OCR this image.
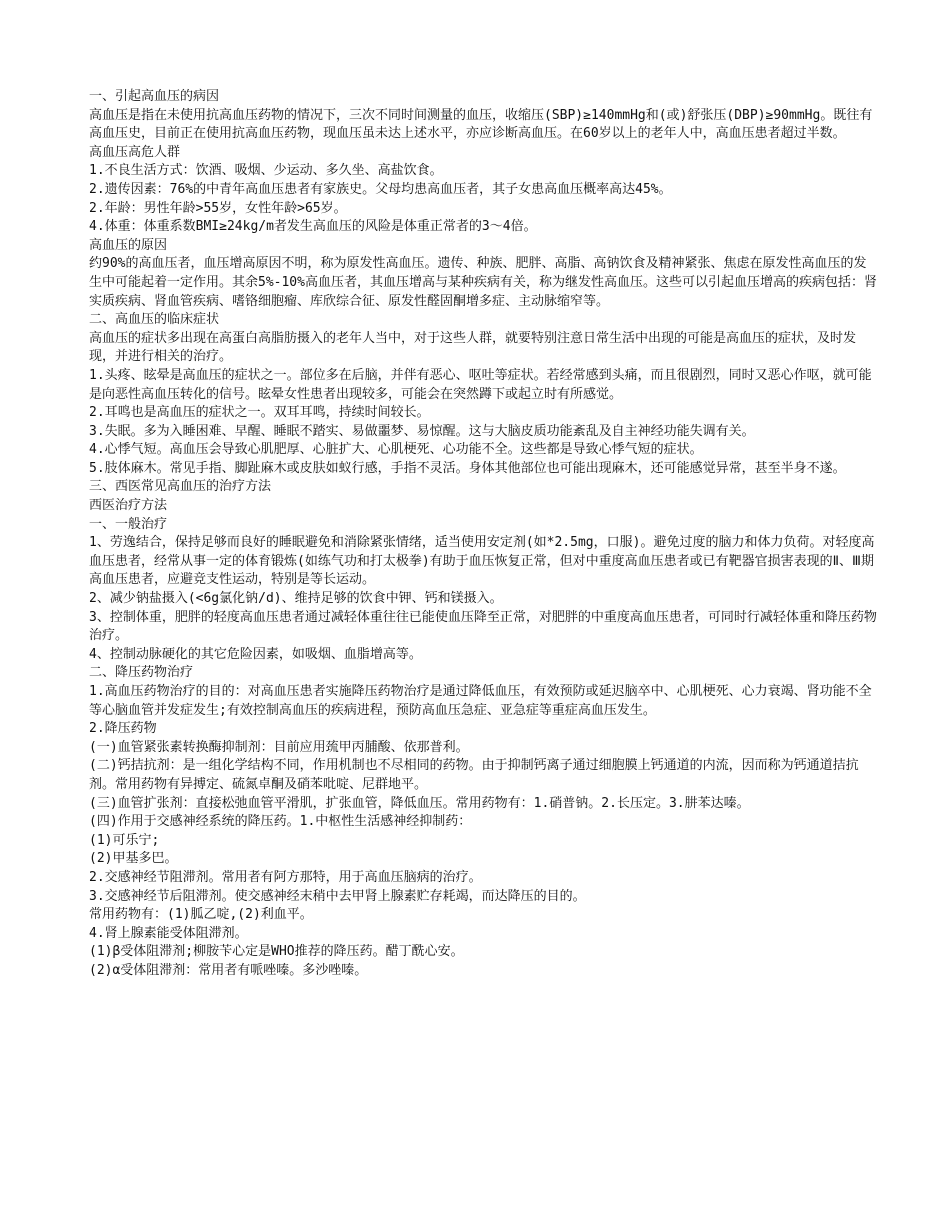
一、引起高血压的病因

高血压是指在未使用抗高血压药物的情况下，三次不同时间测量的血压，收缩压(SBP)≥140mmHg和(或)舒张压(DBP)≥90mmHg。既往有高血压史，目前正在使用抗高血压药物，现血压虽未达上述水平，亦应诊断高血压。在60岁以上的老年人中，高血压患者超过半数。

高血压高危人群

1.不良生活方式：饮酒、吸烟、少运动、多久坐、高盐饮食。

2.遗传因素：76%的中青年高血压患者有家族史。父母均患高血压者，其子女患高血压概率高达45%。

2.年龄：男性年龄>55岁，女性年龄>65岁。

4.体重：体重系数BMI≥24kg/m者发生高血压的风险是体重正常者的3～4倍。

高血压的原因

约90%的高血压者，血压增高原因不明，称为原发性高血压。遗传、种族、肥胖、高脂、高钠饮食及精神紧张、焦虑在原发性高血压的发生中可能起着一定作用。其余5%-10%高血压者，其血压增高与某种疾病有关，称为继发性高血压。这些可以引起血压增高的疾病包括：肾实质疾病、肾血管疾病、嗜铬细胞瘤、库欣综合征、原发性醛固酮增多症、主动脉缩窄等。

二、高血压的临床症状

高血压的症状多出现在高蛋白高脂肪摄入的老年人当中，对于这些人群，就要特别注意日常生活中出现的可能是高血压的症状，及时发现，并进行相关的治疗。

1.头疼、眩晕是高血压的症状之一。部位多在后脑，并伴有恶心、呕吐等症状。若经常感到头痛，而且很剧烈，同时又恶心作呕，就可能是向恶性高血压转化的信号。眩晕女性患者出现较多，可能会在突然蹲下或起立时有所感觉。

2.耳鸣也是高血压的症状之一。双耳耳鸣，持续时间较长。

3.失眠。多为入睡困难、早醒、睡眠不踏实、易做噩梦、易惊醒。这与大脑皮质功能紊乱及自主神经功能失调有关。

4.心悸气短。高血压会导致心肌肥厚、心脏扩大、心肌梗死、心功能不全。这些都是导致心悸气短的症状。

5.肢体麻木。常见手指、脚趾麻木或皮肤如蚁行感，手指不灵活。身体其他部位也可能出现麻木，还可能感觉异常，甚至半身不遂。

三、西医常见高血压的治疗方法

西医治疗方法

一、一般治疗

1、劳逸结合，保持足够而良好的睡眠避免和消除紧张情绪，适当使用安定剂(如*2.5mg，口服)。避免过度的脑力和体力负荷。对轻度高血压患者，经常从事一定的体育锻炼(如练气功和打太极拳)有助于血压恢复正常，但对中重度高血压患者或已有靶器官损害表现的Ⅱ、Ⅲ期高血压患者，应避竞支性运动，特别是等长运动。

2、减少钠盐摄入(<6g氯化钠/d)、维持足够的饮食中钾、钙和镁摄入。

3、控制体重，肥胖的轻度高血压患者通过减轻体重往往已能使血压降至正常，对肥胖的中重度高血压患者，可同时行减轻体重和降压药物治疗。

4、控制动脉硬化的其它危险因素，如吸烟、血脂增高等。

二、降压药物治疗

1.高血压药物治疗的目的：对高血压患者实施降压药物治疗是通过降低血压，有效预防或延迟脑卒中、心肌梗死、心力衰竭、肾功能不全等心脑血管并发症发生;有效控制高血压的疾病进程，预防高血压急症、亚急症等重症高血压发生。

2.降压药物

(一)血管紧张素转换酶抑制剂：目前应用巯甲丙脯酸、依那普利。

(二)钙拮抗剂：是一组化学结构不同，作用机制也不尽相同的药物。由于抑制钙离子通过细胞膜上钙通道的内流，因而称为钙通道拮抗剂。常用药物有异搏定、硫氮卓酮及硝苯吡啶、尼群地平。

(三)血管扩张剂：直接松弛血管平滑肌，扩张血管，降低血压。常用药物有：1.硝普钠。2.长压定。3.肼苯达嗪。

(四)作用于交感神经系统的降压药。1.中枢性生活感神经抑制药：

(1)可乐宁;

(2)甲基多巴。

2.交感神经节阻滞剂。常用者有阿方那特，用于高血压脑病的治疗。

3.交感神经节后阻滞剂。使交感神经末稍中去甲肾上腺素贮存耗竭，而达降压的目的。

常用药物有：(1)胍乙啶,(2)利血平。

4.肾上腺素能受体阻滞剂。

(1)β受体阻滞剂;柳胺苄心定是WHO推荐的降压药。醋丁酰心安。

(2)α受体阻滞剂：常用者有哌唑嗪。多沙唑嗪。
